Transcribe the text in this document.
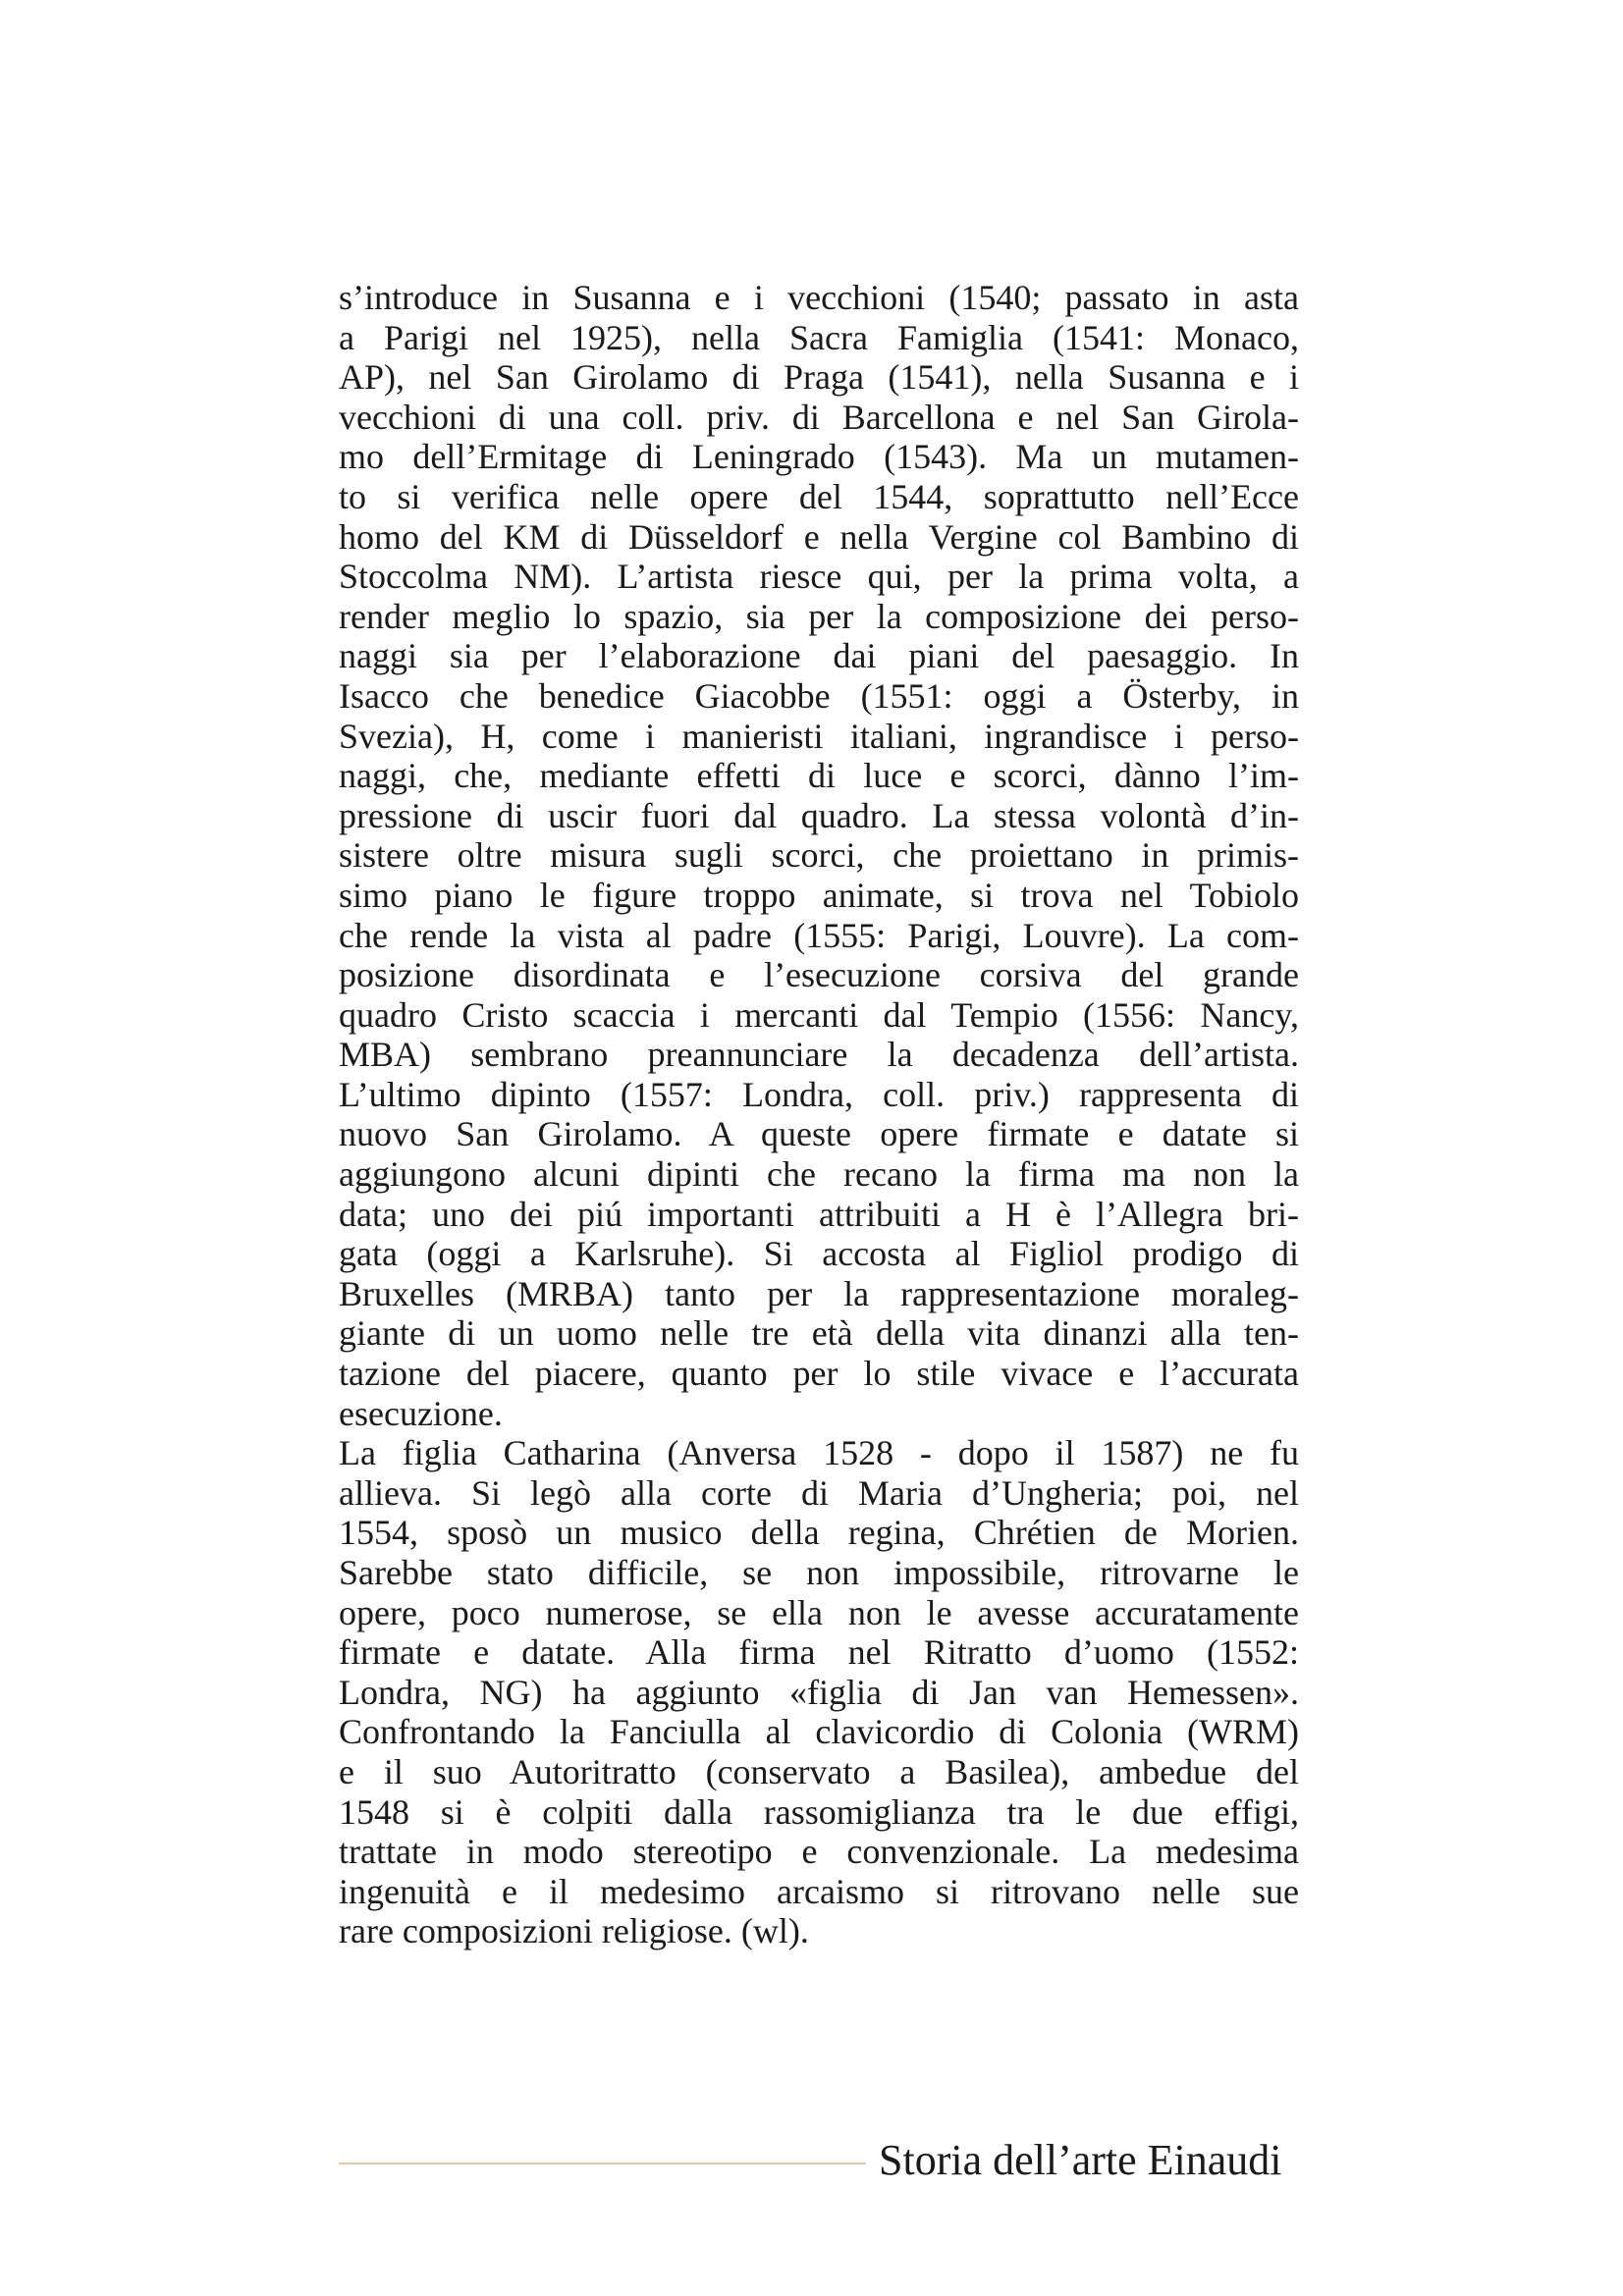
s’introduce in Susanna e i vecchioni (1540; passato in asta
a Parigi nel 1925), nella Sacra Famiglia (1541: Monaco,
AP), nel San Girolamo di Praga (1541), nella Susanna e i
vecchioni di una coll. priv. di Barcellona e nel San Girola-
mo dell’Ermitage di Leningrado (1543). Ma un mutamen-
to si verifica nelle opere del 1544, soprattutto nell’Ecce
homo del KM di Düsseldorf e nella Vergine col Bambino di
Stoccolma NM). L’artista riesce qui, per la prima volta, a
render meglio lo spazio, sia per la composizione dei perso-
naggi sia per l’elaborazione dai piani del paesaggio. In
Isacco che benedice Giacobbe (1551: oggi a Österby, in
Svezia), H, come i manieristi italiani, ingrandisce i perso-
naggi, che, mediante effetti di luce e scorci, dànno l’im-
pressione di uscir fuori dal quadro. La stessa volontà d’in-
sistere oltre misura sugli scorci, che proiettano in primis-
simo piano le figure troppo animate, si trova nel Tobiolo
che rende la vista al padre (1555: Parigi, Louvre). La com-
posizione disordinata e l’esecuzione corsiva del grande
quadro Cristo scaccia i mercanti dal Tempio (1556: Nancy,
MBA) sembrano preannunciare la decadenza dell’artista.
L’ultimo dipinto (1557: Londra, coll. priv.) rappresenta di
nuovo San Girolamo. A queste opere firmate e datate si
aggiungono alcuni dipinti che recano la firma ma non la
data; uno dei piú importanti attribuiti a H è l’Allegra bri-
gata (oggi a Karlsruhe). Si accosta al Figliol prodigo di
Bruxelles (MRBA) tanto per la rappresentazione moraleg-
giante di un uomo nelle tre età della vita dinanzi alla ten-
tazione del piacere, quanto per lo stile vivace e l’accurata
esecuzione.
La figlia Catharina (Anversa 1528 - dopo il 1587) ne fu
allieva. Si legò alla corte di Maria d’Ungheria; poi, nel
1554, sposò un musico della regina, Chrétien de Morien.
Sarebbe stato difficile, se non impossibile, ritrovarne le
opere, poco numerose, se ella non le avesse accuratamente
firmate e datate. Alla firma nel Ritratto d’uomo (1552:
Londra, NG) ha aggiunto «figlia di Jan van Hemessen».
Confrontando la Fanciulla al clavicordio di Colonia (WRM)
e il suo Autoritratto (conservato a Basilea), ambedue del
1548 si è colpiti dalla rassomiglianza tra le due effigi,
trattate in modo stereotipo e convenzionale. La medesima
ingenuità e il medesimo arcaismo si ritrovano nelle sue
rare composizioni religiose. (wl).
Storia dell’arte Einaudi
